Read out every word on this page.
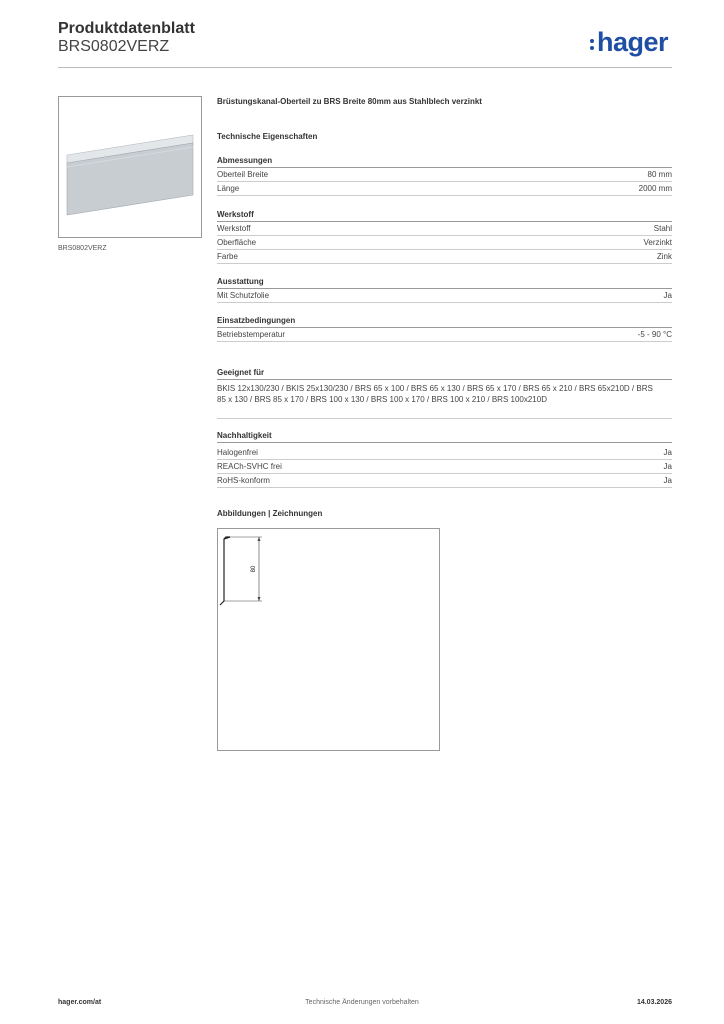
Produktdatenblatt
BRS0802VERZ	hager
BRS0802VERZ
Brüstungskanal-Oberteil zu BRS Breite 80mm aus Stahlblech verzinkt
Technische Eigenschaften
Abmessungen
Oberteil Breite	80 mm
Länge	2000 mm
Werkstoff
Werkstoff	Stahl
Oberfläche	Verzinkt
Farbe	Zink
Ausstattung
Mit Schutzfolie	Ja
Einsatzbedingungen
Betriebstemperatur	-5 - 90 °C
Geeignet für
BKIS 12x130/230 / BKIS 25x130/230 / BRS 65 x 100 / BRS 65 x 130 / BRS 65 x 170 / BRS 65 x 210 / BRS 65x210D / BRS 85 x 130 / BRS 85 x 170 / BRS 100 x 130 / BRS 100 x 170 / BRS 100 x 210 / BRS 100x210D
Nachhaltigkeit
Halogenfrei	Ja
REACh-SVHC frei	Ja
RoHS-konform	Ja
Abbildungen | Zeichnungen
80
hager.com/at	Technische Änderungen vorbehalten	14.03.2026
